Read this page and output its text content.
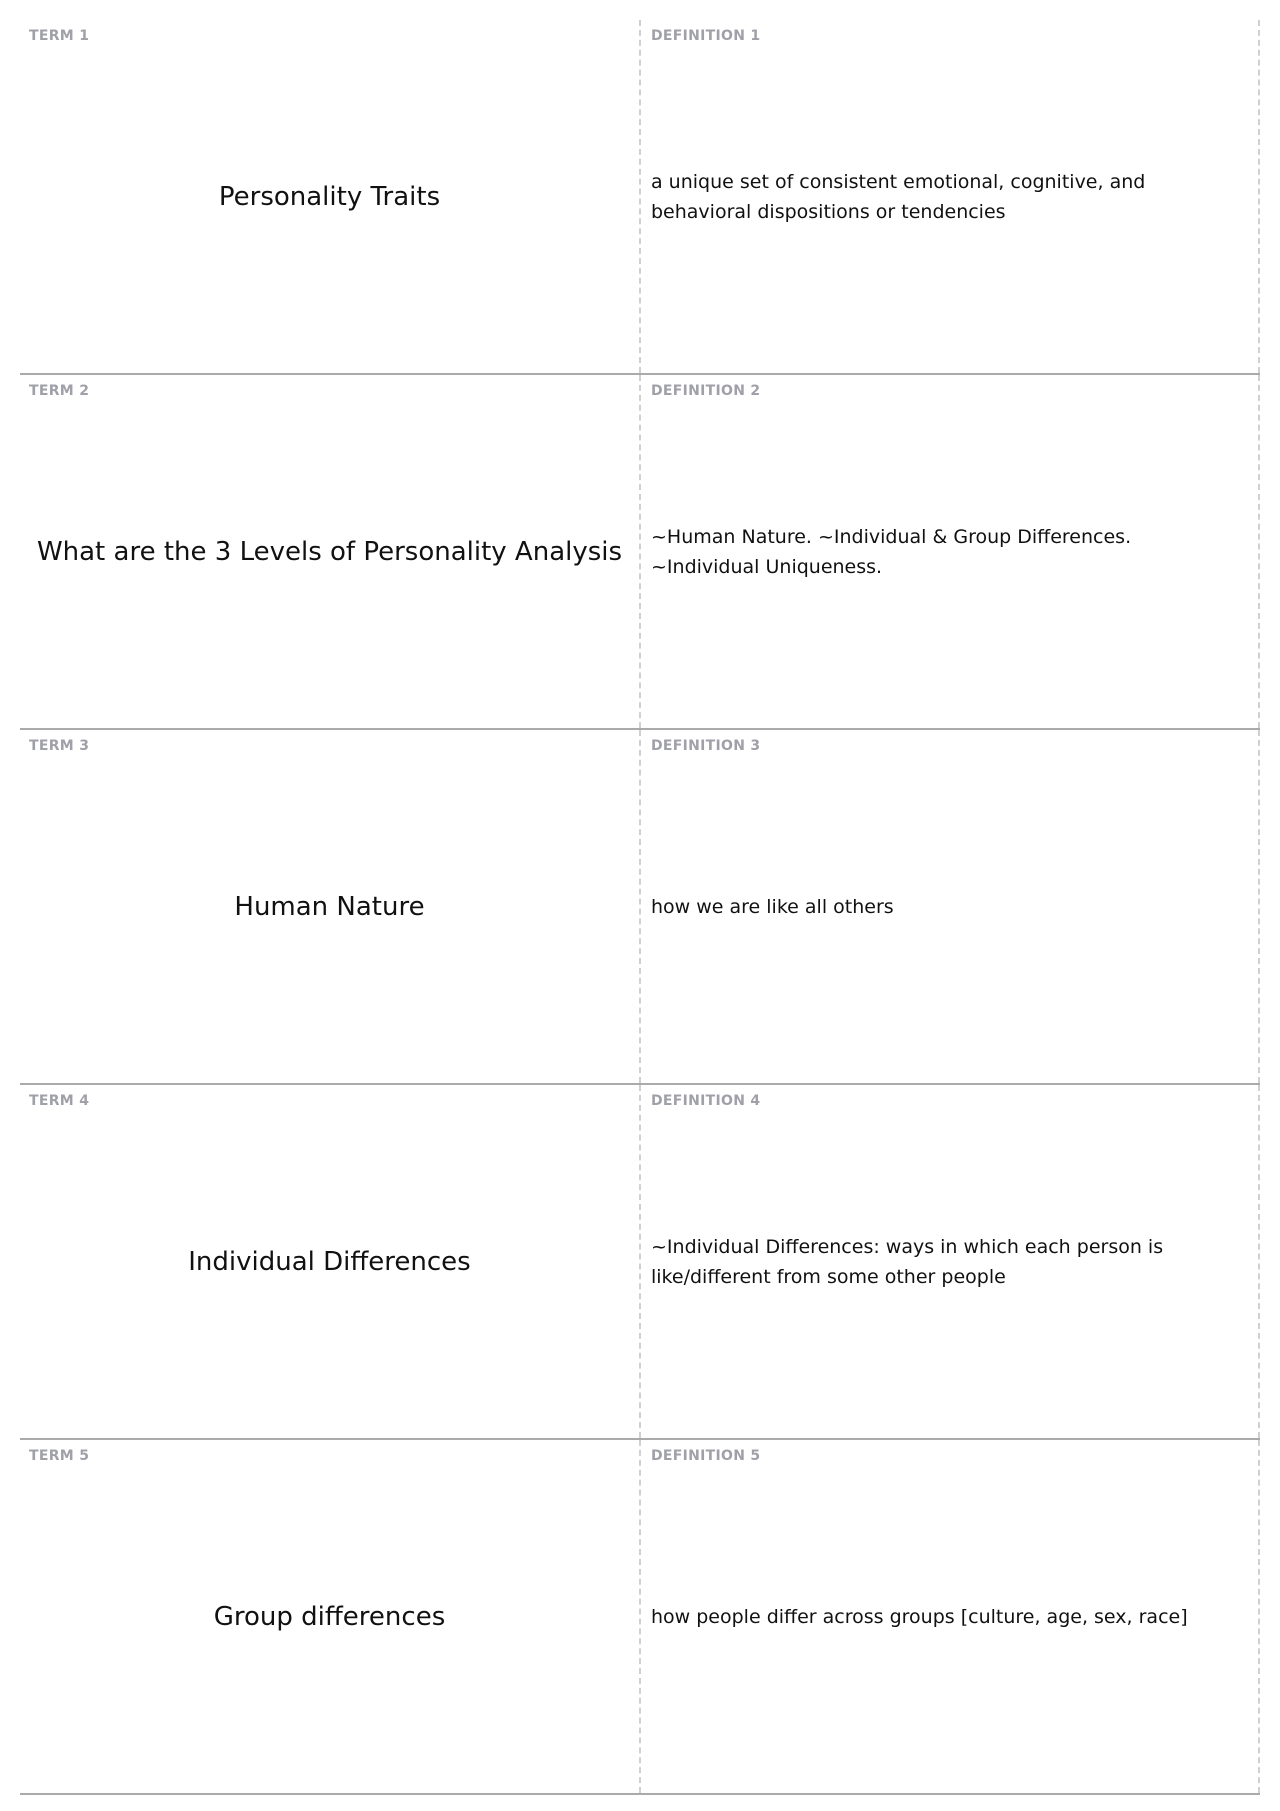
TERM 1
Personality Traits
DEFINITION 1
a unique set of consistent emotional, cognitive, and behavioral dispositions or tendencies
TERM 2
What are the 3 Levels of Personality Analysis
DEFINITION 2
~Human Nature. ~Individual & Group Differences. ~Individual Uniqueness.
TERM 3
Human Nature
DEFINITION 3
how we are like all others
TERM 4
Individual Differences
DEFINITION 4
~Individual Differences: ways in which each person is like/different from some other people
TERM 5
Group differences
DEFINITION 5
how people differ across groups [culture, age, sex, race]
